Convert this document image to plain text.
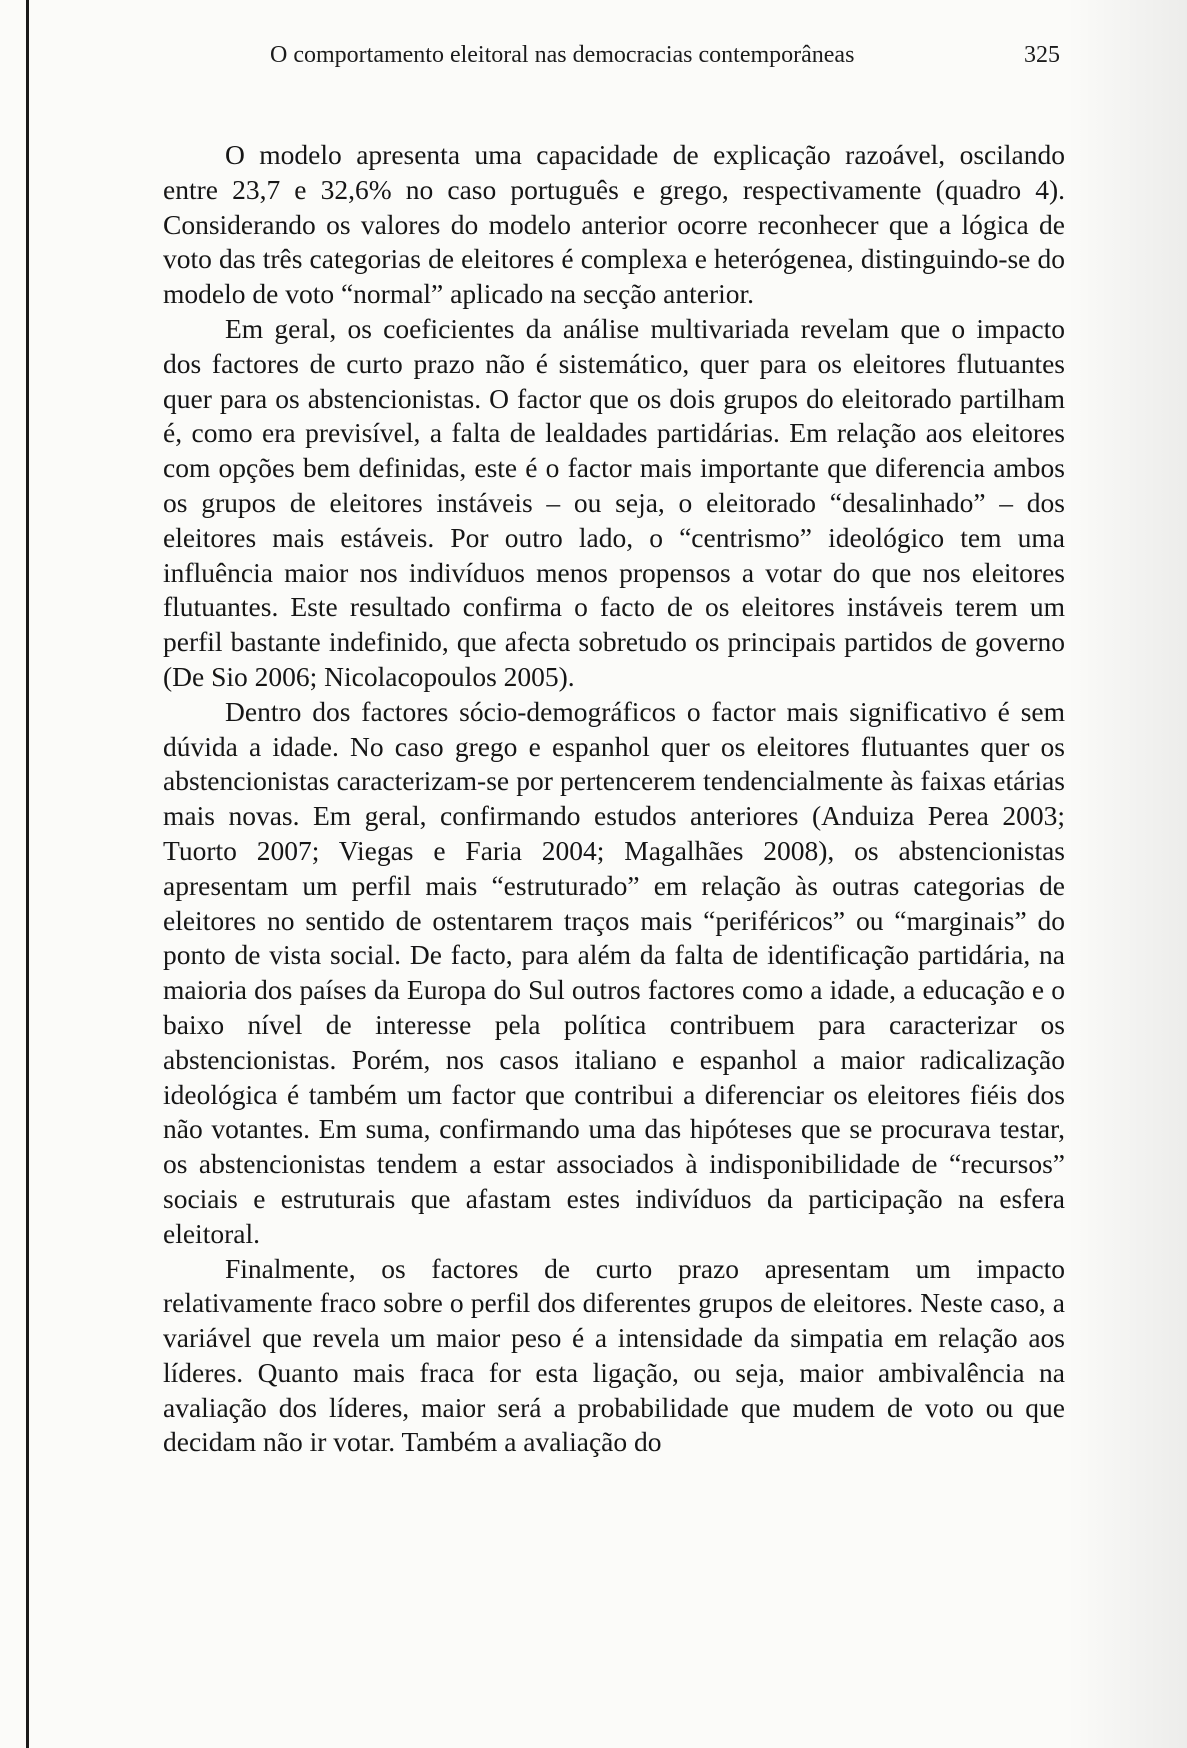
O comportamento eleitoral nas democracias contemporâneas	325

O modelo apresenta uma capacidade de explicação razoável, oscilando entre 23,7 e 32,6% no caso português e grego, respectivamente (quadro 4). Considerando os valores do modelo anterior ocorre reconhecer que a lógica de voto das três categorias de eleitores é complexa e heterógenea, distinguindo-se do modelo de voto “normal” aplicado na secção anterior.

Em geral, os coeficientes da análise multivariada revelam que o impacto dos factores de curto prazo não é sistemático, quer para os eleitores flutuantes quer para os abstencionistas. O factor que os dois grupos do eleitorado partilham é, como era previsível, a falta de lealdades partidárias. Em relação aos eleitores com opções bem definidas, este é o factor mais importante que diferencia ambos os grupos de eleitores instáveis – ou seja, o eleitorado “desalinhado” – dos eleitores mais estáveis. Por outro lado, o “centrismo” ideológico tem uma influência maior nos indivíduos menos propensos a votar do que nos eleitores flutuantes. Este resultado confirma o facto de os eleitores instáveis terem um perfil bastante indefinido, que afecta sobretudo os principais partidos de governo (De Sio 2006; Nicolacopoulos 2005).

Dentro dos factores sócio-demográficos o factor mais significativo é sem dúvida a idade. No caso grego e espanhol quer os eleitores flutuantes quer os abstencionistas caracterizam-se por pertencerem tendencialmente às faixas etárias mais novas. Em geral, confirmando estudos anteriores (Anduiza Perea 2003; Tuorto 2007; Viegas e Faria 2004; Magalhães 2008), os abstencionistas apresentam um perfil mais “estruturado” em relação às outras categorias de eleitores no sentido de ostentarem traços mais “periféricos” ou “marginais” do ponto de vista social. De facto, para além da falta de identificação partidária, na maioria dos países da Europa do Sul outros factores como a idade, a educação e o baixo nível de interesse pela política contribuem para caracterizar os abstencionistas. Porém, nos casos italiano e espanhol a maior radicalização ideológica é também um factor que contribui a diferenciar os eleitores fiéis dos não votantes. Em suma, confirmando uma das hipóteses que se procurava testar, os abstencionistas tendem a estar associados à indisponibilidade de “recursos” sociais e estruturais que afastam estes indivíduos da participação na esfera eleitoral.

Finalmente, os factores de curto prazo apresentam um impacto relativamente fraco sobre o perfil dos diferentes grupos de eleitores. Neste caso, a variável que revela um maior peso é a intensidade da simpatia em relação aos líderes. Quanto mais fraca for esta ligação, ou seja, maior ambivalência na avaliação dos líderes, maior será a probabilidade que mudem de voto ou que decidam não ir votar. Também a avaliação do
